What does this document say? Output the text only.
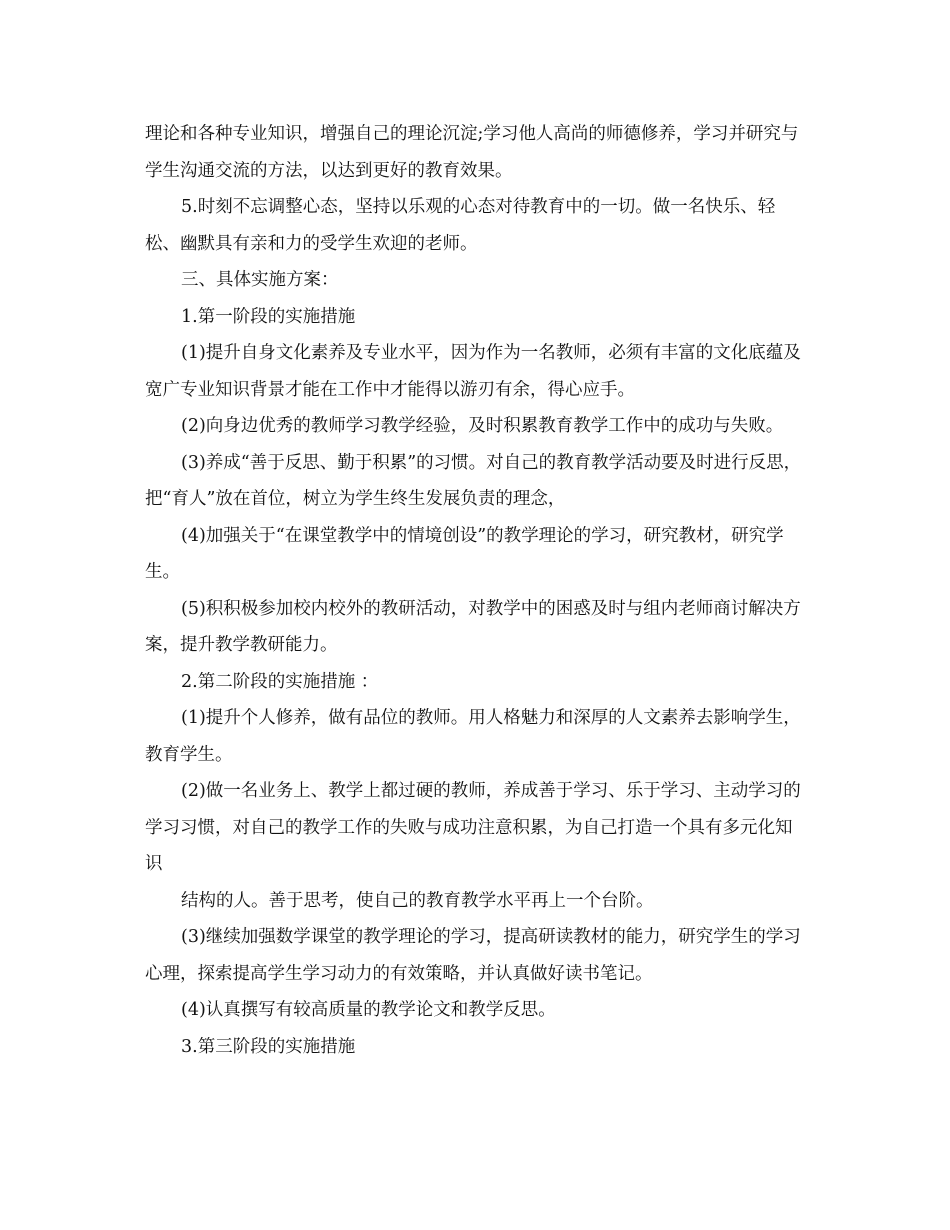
理论和各种专业知识，增强自己的理论沉淀;学习他人高尚的师德修养，学习并研究与学生沟通交流的方法，以达到更好的教育效果。

5.时刻不忘调整心态，坚持以乐观的心态对待教育中的一切。做一名快乐、轻松、幽默具有亲和力的受学生欢迎的老师。

三、具体实施方案：

1.第一阶段的实施措施

(1)提升自身文化素养及专业水平，因为作为一名教师，必须有丰富的文化底蕴及宽广专业知识背景才能在工作中才能得以游刃有余，得心应手。

(2)向身边优秀的教师学习教学经验，及时积累教育教学工作中的成功与失败。

(3)养成“善于反思、勤于积累”的习惯。对自己的教育教学活动要及时进行反思，把“育人”放在首位，树立为学生终生发展负责的理念，

(4)加强关于“在课堂教学中的情境创设”的教学理论的学习，研究教材，研究学生。

(5)积积极参加校内校外的教研活动，对教学中的困惑及时与组内老师商讨解决方案，提升教学教研能力。

2.第二阶段的实施措施 ：

(1)提升个人修养，做有品位的教师。用人格魅力和深厚的人文素养去影响学生，教育学生。

(2)做一名业务上、教学上都过硬的教师，养成善于学习、乐于学习、主动学习的学习习惯，对自己的教学工作的失败与成功注意积累，为自己打造一个具有多元化知识

结构的人。善于思考，使自己的教育教学水平再上一个台阶。

(3)继续加强数学课堂的教学理论的学习，提高研读教材的能力，研究学生的学习心理，探索提高学生学习动力的有效策略，并认真做好读书笔记。

(4)认真撰写有较高质量的教学论文和教学反思。

3.第三阶段的实施措施
